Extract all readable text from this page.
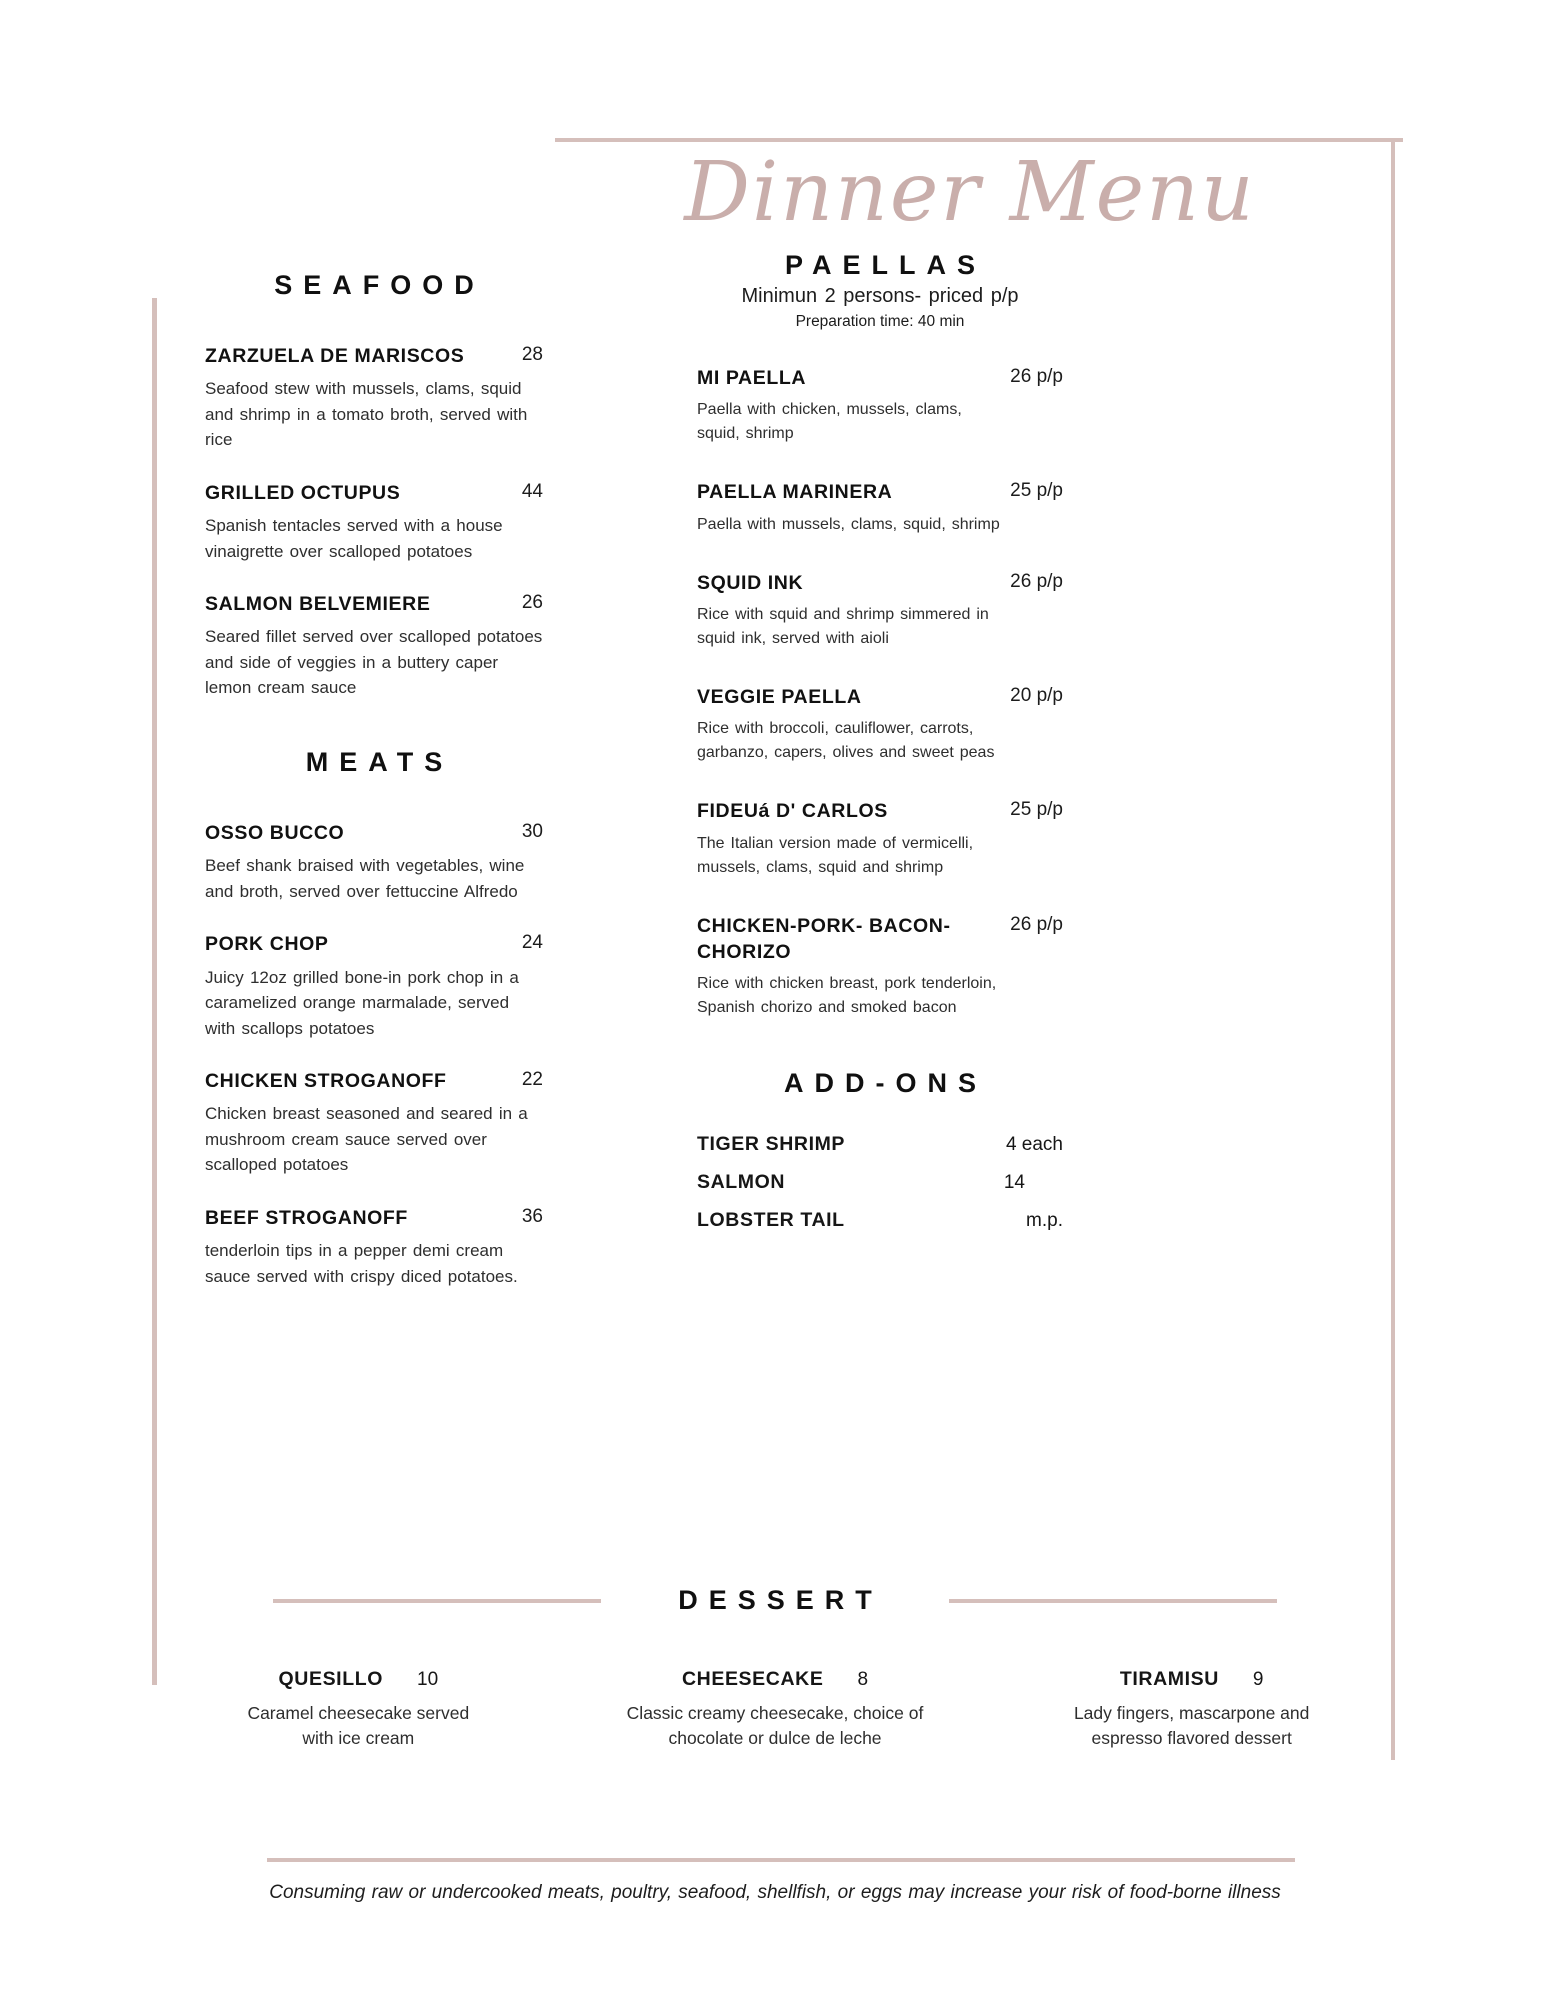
Dinner Menu
SEAFOOD
ZARZUELA DE MARISCOS	28
Seafood stew with mussels, clams, squid and shrimp in a tomato broth, served with rice
GRILLED OCTUPUS	44
Spanish tentacles served with a house vinaigrette over scalloped potatoes
SALMON BELVEMIERE	26
Seared fillet served over scalloped potatoes and side of veggies in a buttery caper lemon cream sauce
MEATS
OSSO BUCCO	30
Beef shank braised with vegetables, wine and broth, served over fettuccine Alfredo
PORK CHOP	24
Juicy 12oz grilled bone-in pork chop in a caramelized orange marmalade, served with scallops potatoes
CHICKEN STROGANOFF	22
Chicken breast seasoned and seared in a mushroom cream sauce served over scalloped potatoes
BEEF STROGANOFF	36
tenderloin tips in a pepper demi cream sauce served with crispy diced potatoes.
PAELLAS
Minimun 2 persons- priced p/p
Preparation time: 40 min
MI PAELLA	26 p/p
Paella with chicken, mussels, clams, squid, shrimp
PAELLA MARINERA	25 p/p
Paella with mussels, clams, squid, shrimp
SQUID INK	26 p/p
Rice with squid and shrimp simmered in squid ink, served with aioli
VEGGIE PAELLA	20 p/p
Rice with broccoli, cauliflower, carrots, garbanzo, capers, olives and sweet peas
FIDEUá D' CARLOS	25 p/p
The Italian version made of vermicelli, mussels, clams, squid and shrimp
CHICKEN-PORK- BACON- CHORIZO
26 p/p
Rice with chicken breast, pork tenderloin, Spanish chorizo and smoked bacon
ADD-ONS
TIGER SHRIMP	4 each
SALMON	14
LOBSTER TAIL	m.p.
DESSERT
QUESILLO 10
Caramel cheesecake served with ice cream
CHEESECAKE 8
Classic creamy cheesecake, choice of chocolate or dulce de leche
TIRAMISU 9
Lady fingers, mascarpone and espresso flavored dessert
Consuming raw or undercooked meats, poultry, seafood, shellfish, or eggs may increase your risk of food-borne illness
